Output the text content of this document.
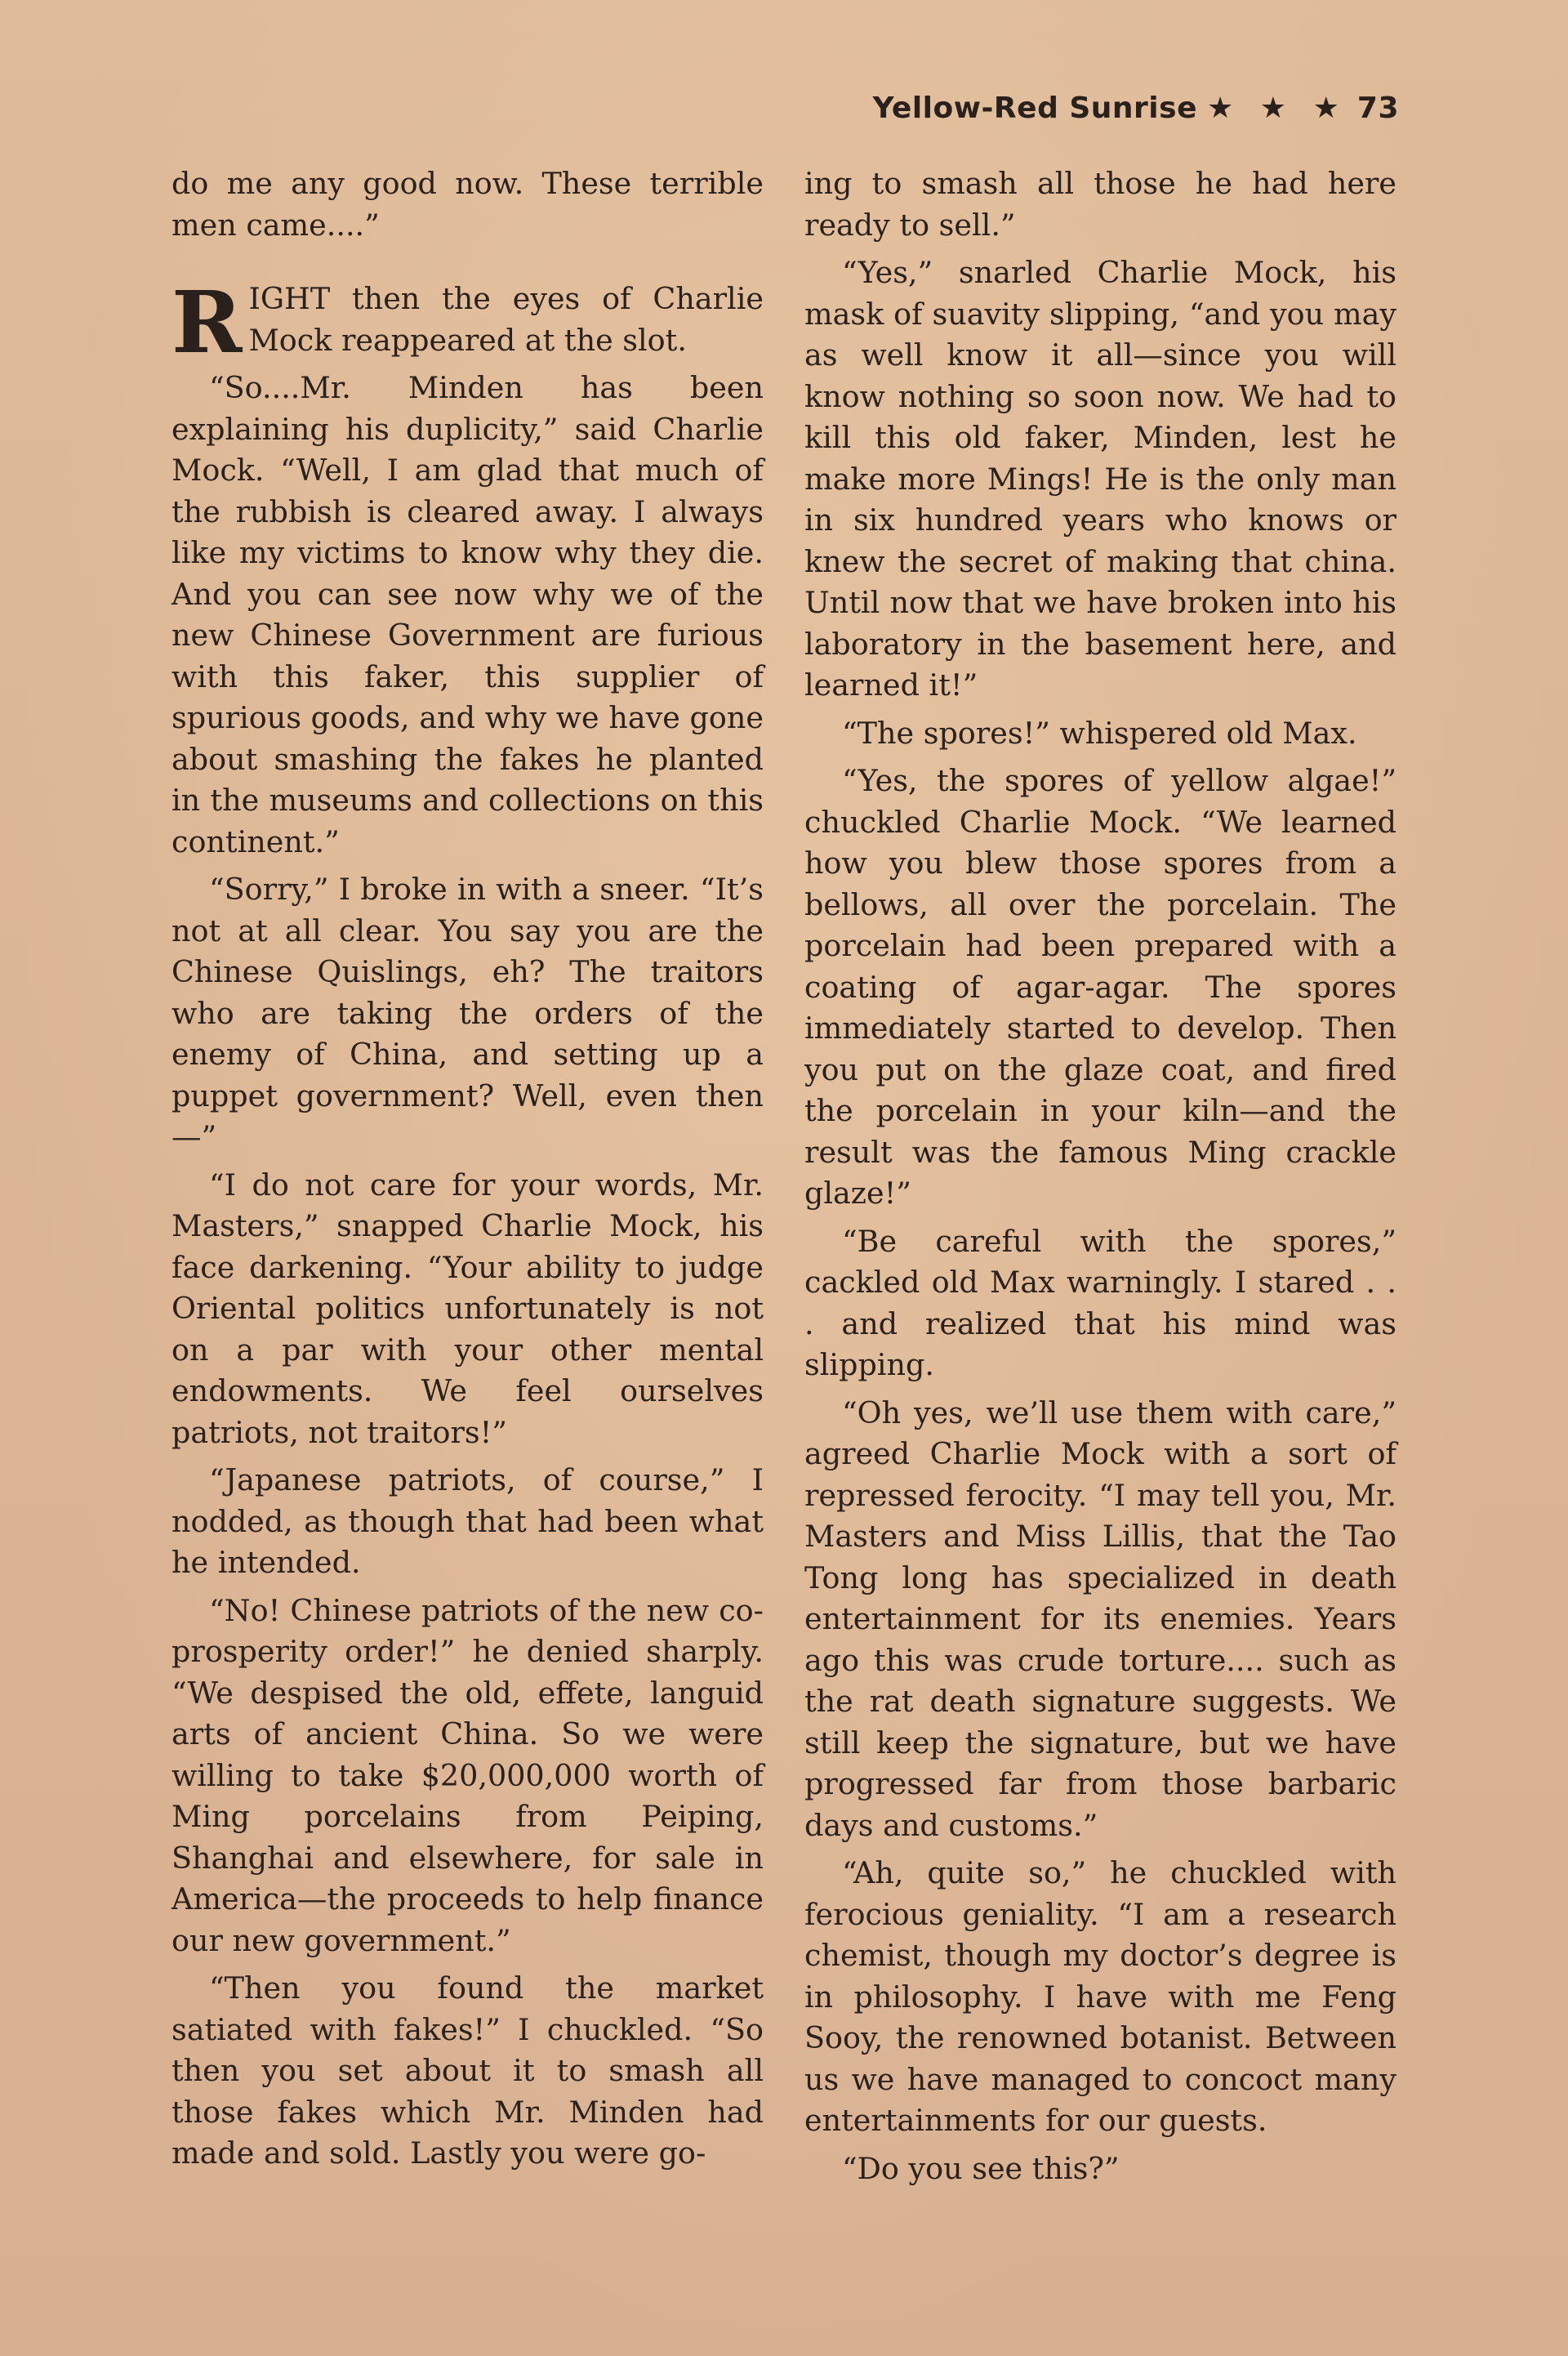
Yellow-Red Sunrise ★ ★ ★ 73

do me any good now. These terrible men came....”

RIGHT then the eyes of Charlie Mock reappeared at the slot.

“So....Mr. Minden has been explaining his duplicity,” said Charlie Mock. “Well, I am glad that much of the rubbish is cleared away. I always like my victims to know why they die. And you can see now why we of the new Chinese Government are furious with this faker, this supplier of spurious goods, and why we have gone about smashing the fakes he planted in the museums and collections on this continent.”

“Sorry,” I broke in with a sneer. “It’s not at all clear. You say you are the Chinese Quislings, eh? The traitors who are taking the orders of the enemy of China, and setting up a puppet government? Well, even then—”

“I do not care for your words, Mr. Masters,” snapped Charlie Mock, his face darkening. “Your ability to judge Oriental politics unfortunately is not on a par with your other mental endowments. We feel ourselves patriots, not traitors!”

“Japanese patriots, of course,” I nodded, as though that had been what he intended.

“No! Chinese patriots of the new co-prosperity order!” he denied sharply. “We despised the old, effete, languid arts of ancient China. So we were willing to take $20,000,000 worth of Ming porcelains from Peiping, Shanghai and elsewhere, for sale in America—the proceeds to help finance our new government.”

“Then you found the market satiated with fakes!” I chuckled. “So then you set about it to smash all those fakes which Mr. Minden had made and sold. Lastly you were go-

ing to smash all those he had here ready to sell.”

“Yes,” snarled Charlie Mock, his mask of suavity slipping, “and you may as well know it all—since you will know nothing so soon now. We had to kill this old faker, Minden, lest he make more Mings! He is the only man in six hundred years who knows or knew the secret of making that china. Until now that we have broken into his laboratory in the basement here, and learned it!”

“The spores!” whispered old Max.

“Yes, the spores of yellow algae!” chuckled Charlie Mock. “We learned how you blew those spores from a bellows, all over the porcelain. The porcelain had been prepared with a coating of agar-agar. The spores immediately started to develop. Then you put on the glaze coat, and fired the porcelain in your kiln—and the result was the famous Ming crackle glaze!”

“Be careful with the spores,” cackled old Max warningly. I stared . . . and realized that his mind was slipping.

“Oh yes, we’ll use them with care,” agreed Charlie Mock with a sort of repressed ferocity. “I may tell you, Mr. Masters and Miss Lillis, that the Tao Tong long has specialized in death entertainment for its enemies. Years ago this was crude torture.... such as the rat death signature suggests. We still keep the signature, but we have progressed far from those barbaric days and customs.”

“Ah, quite so,” he chuckled with ferocious geniality. “I am a research chemist, though my doctor’s degree is in philosophy. I have with me Feng Sooy, the renowned botanist. Between us we have managed to concoct many entertainments for our guests.

“Do you see this?”
